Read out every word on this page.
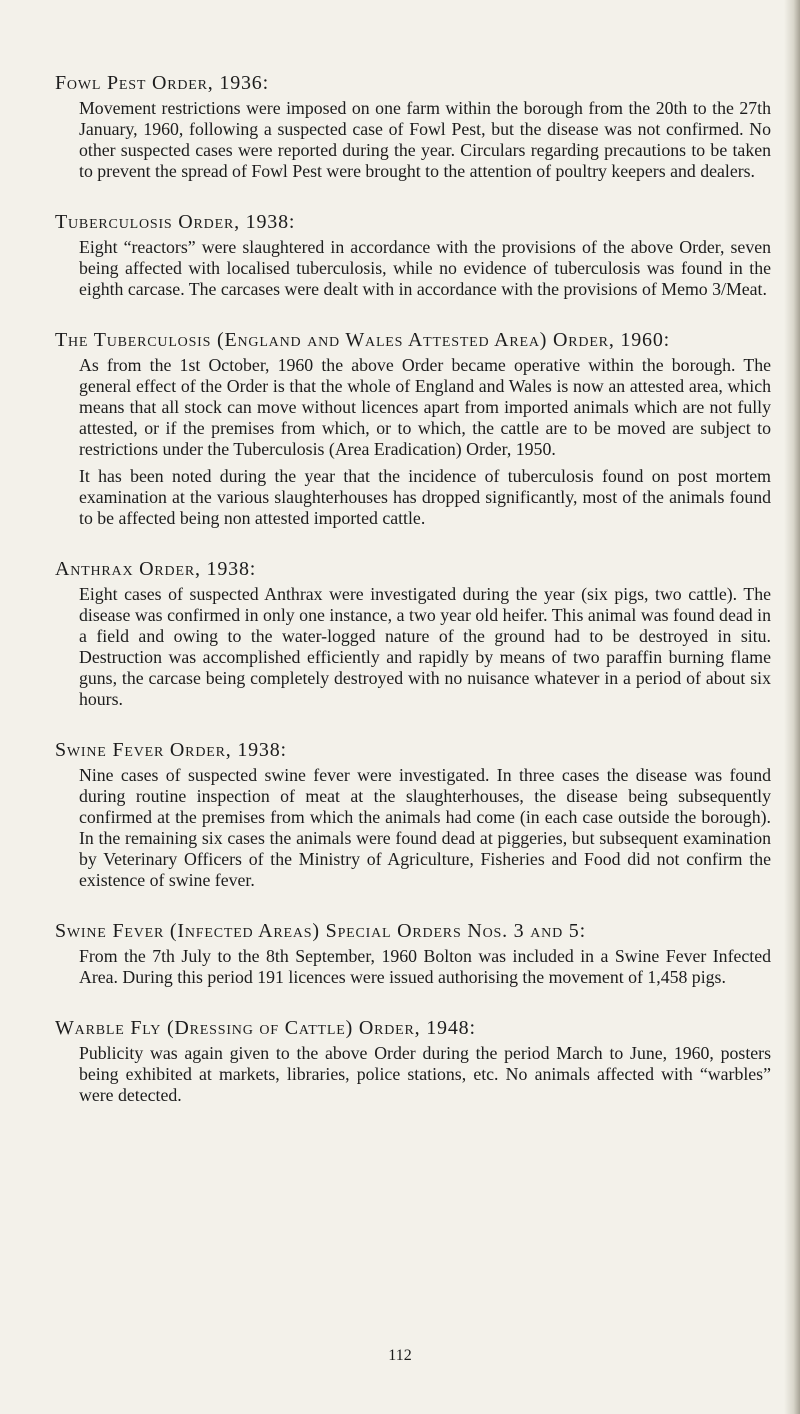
Fowl Pest Order, 1936:

Movement restrictions were imposed on one farm within the borough from the 20th to the 27th January, 1960, following a suspected case of Fowl Pest, but the disease was not confirmed. No other suspected cases were reported during the year. Circulars regarding precautions to be taken to prevent the spread of Fowl Pest were brought to the attention of poultry keepers and dealers.

Tuberculosis Order, 1938:

Eight “reactors” were slaughtered in accordance with the provisions of the above Order, seven being affected with localised tuberculosis, while no evidence of tuberculosis was found in the eighth carcase. The carcases were dealt with in accordance with the provisions of Memo 3/Meat.

The Tuberculosis (England and Wales Attested Area) Order, 1960:

As from the 1st October, 1960 the above Order became operative within the borough. The general effect of the Order is that the whole of England and Wales is now an attested area, which means that all stock can move without licences apart from imported animals which are not fully attested, or if the premises from which, or to which, the cattle are to be moved are subject to restrictions under the Tuberculosis (Area Eradication) Order, 1950.

It has been noted during the year that the incidence of tuberculosis found on post mortem examination at the various slaughterhouses has dropped significantly, most of the animals found to be affected being non attested imported cattle.

Anthrax Order, 1938:

Eight cases of suspected Anthrax were investigated during the year (six pigs, two cattle). The disease was confirmed in only one instance, a two year old heifer. This animal was found dead in a field and owing to the water-logged nature of the ground had to be destroyed in situ. Destruction was accomplished efficiently and rapidly by means of two paraffin burning flame guns, the carcase being completely destroyed with no nuisance whatever in a period of about six hours.

Swine Fever Order, 1938:

Nine cases of suspected swine fever were investigated. In three cases the disease was found during routine inspection of meat at the slaughterhouses, the disease being subsequently confirmed at the premises from which the animals had come (in each case outside the borough). In the remaining six cases the animals were found dead at piggeries, but subsequent examination by Veterinary Officers of the Ministry of Agriculture, Fisheries and Food did not confirm the existence of swine fever.

Swine Fever (Infected Areas) Special Orders Nos. 3 and 5:

From the 7th July to the 8th September, 1960 Bolton was included in a Swine Fever Infected Area. During this period 191 licences were issued authorising the movement of 1,458 pigs.

Warble Fly (Dressing of Cattle) Order, 1948:

Publicity was again given to the above Order during the period March to June, 1960, posters being exhibited at markets, libraries, police stations, etc. No animals affected with “warbles” were detected.

112
